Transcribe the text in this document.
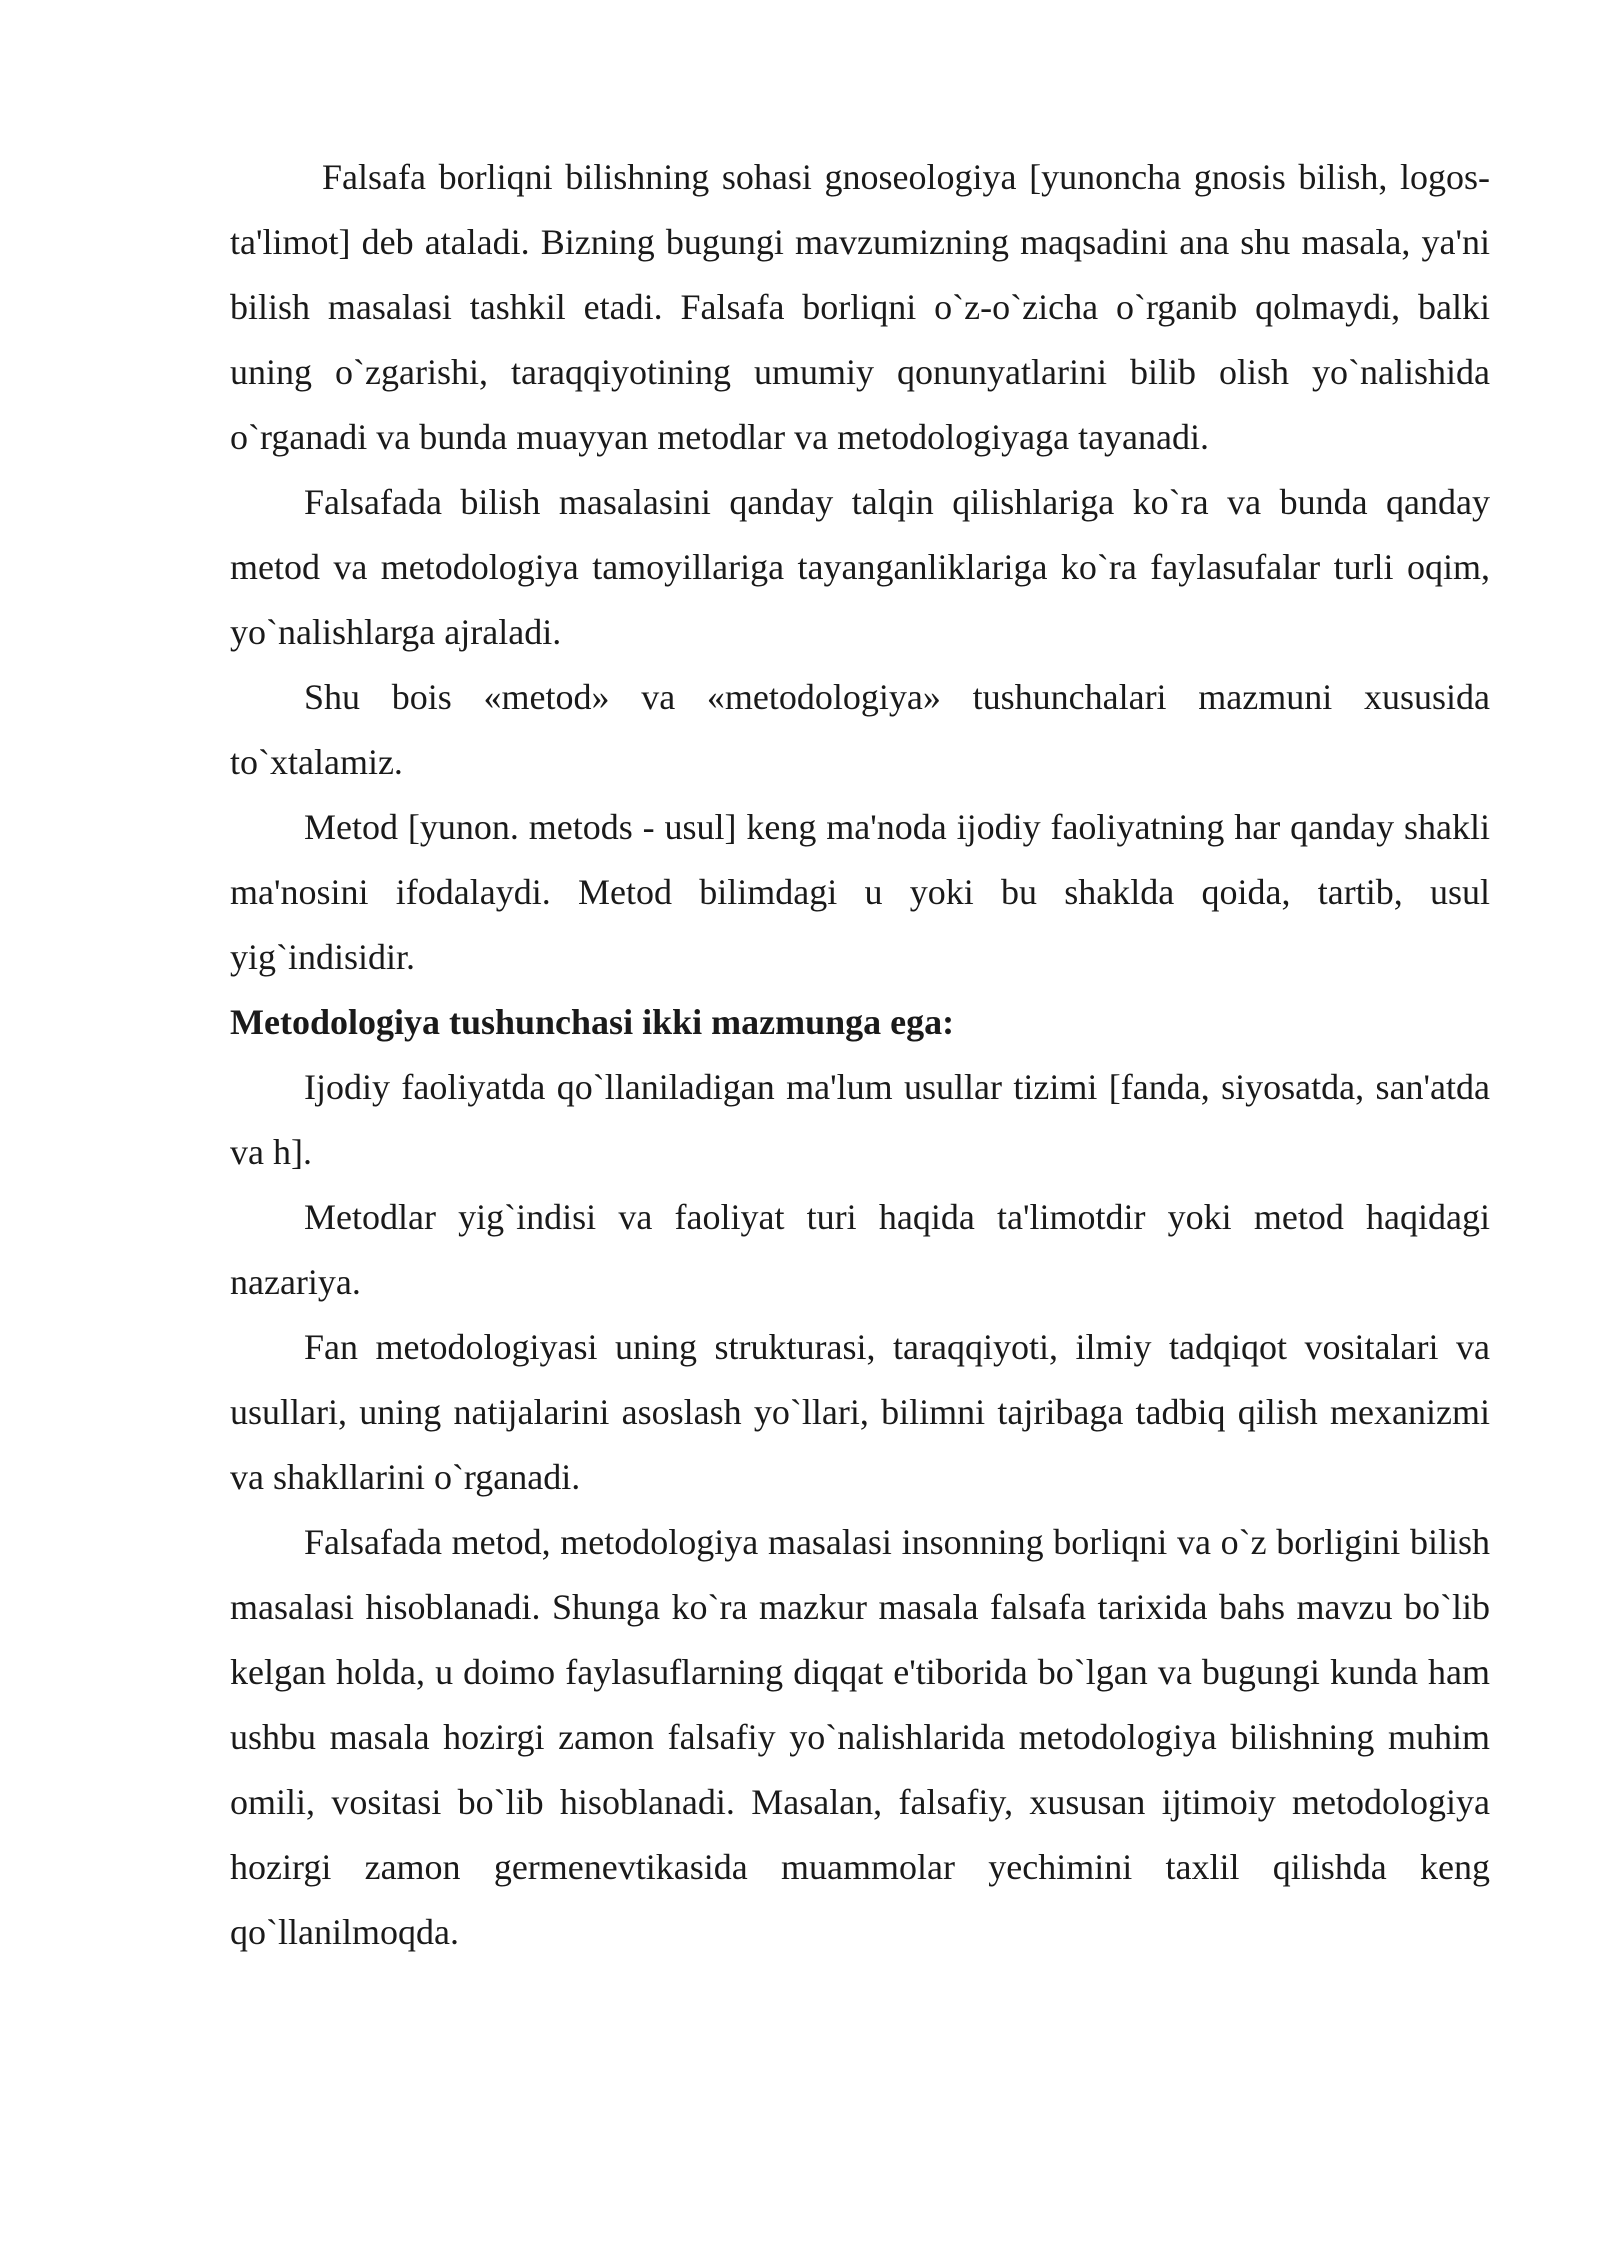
Falsafa borliqni bilishning sohasi gnoseologiya [yunoncha gnosis bilish, logos-ta'limot] deb ataladi. Bizning bugungi mavzumizning maqsadini ana shu masala, ya'ni bilish masalasi tashkil etadi. Falsafa borliqni o`z-o`zicha o`rganib qolmaydi, balki uning o`zgarishi, taraqqiyotining umumiy qonunyatlarini bilib olish yo`nalishida o`rganadi va bunda muayyan metodlar va metodologiyaga tayanadi.

Falsafada bilish masalasini qanday talqin qilishlariga ko`ra va bunda qanday metod va metodologiya tamoyillariga tayanganliklariga ko`ra faylasufalar turli oqim, yo`nalishlarga ajraladi.

Shu bois «metod» va «metodologiya» tushunchalari mazmuni xususida to`xtalamiz.

Metod [yunon. metods - usul] keng ma'noda ijodiy faoliyatning har qanday shakli ma'nosini ifodalaydi. Metod bilimdagi u yoki bu shakldа qoida, tartib, usul yig`indisidir.

Metodologiya tushunchasi ikki mazmunga ega:

Ijodiy faoliyatda qo`llaniladigan ma'lum usullar tizimi [fanda, siyosatda, san'atda va h].

Metodlar yig`indisi va faoliyat turi haqida ta'limotdir yoki metod haqidagi nazariya.

Fan metodologiyasi uning strukturasi, taraqqiyoti, ilmiy tadqiqot vositalari va usullari, uning natijalarini asoslash yo`llari, bilimni tajribaga tadbiq qilish mexanizmi va shakllarini o`rganadi.

Falsafada metod, metodologiya masalasi insonning borliqni va o`z borligini bilish masalasi hisoblanadi. Shunga ko`ra mazkur masala falsafa tarixida bahs mavzu bo`lib kelgan holda, u doimo faylasuflarning diqqat e'tiborida bo`lgan va bugungi kunda ham ushbu masala hozirgi zamon falsafiy yo`nalishlarida metodologiya bilishning muhim omili, vositasi bo`lib hisoblanadi. Masalan, falsafiy, xususan ijtimoiy metodologiya hozirgi zamon germenevtikasida muammolar yechimini taxlil qilishda keng qo`llanilmoqda.
